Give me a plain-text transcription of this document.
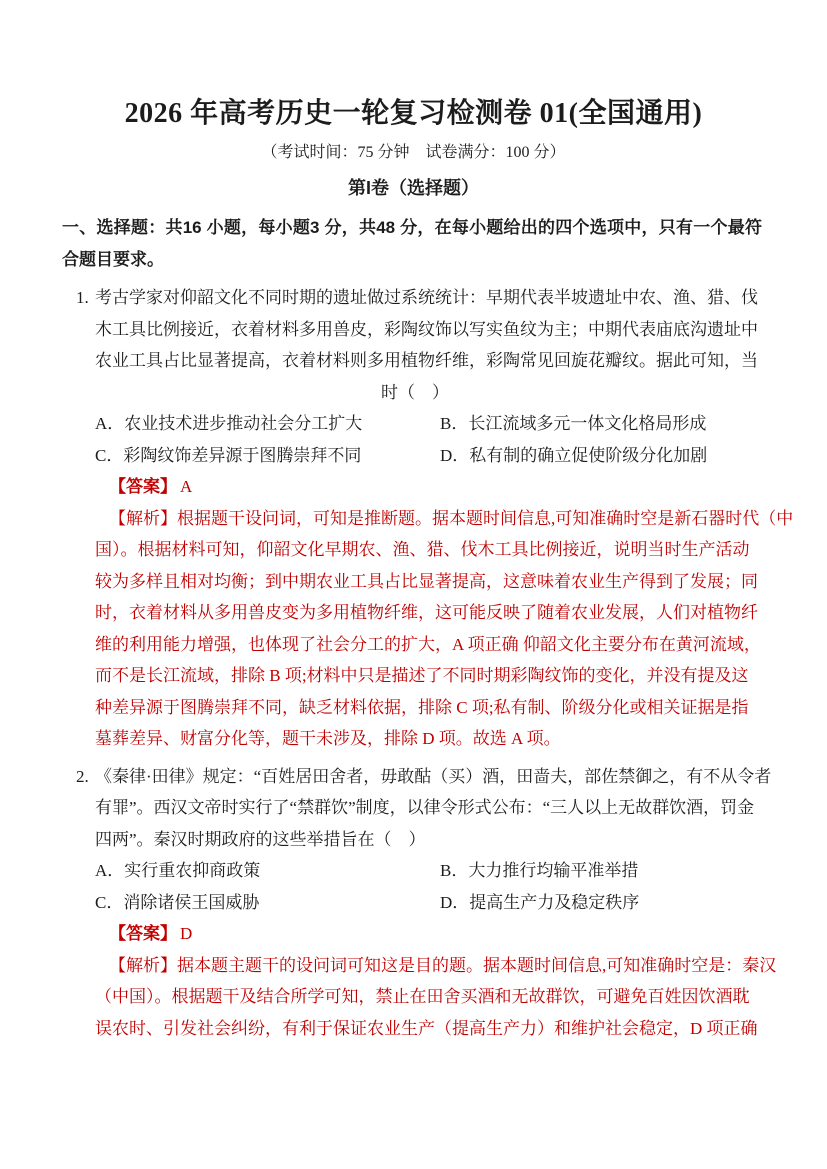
2026 年高考历史一轮复习检测卷 01(全国通用)
（考试时间：75 分钟　试卷满分：100 分）
第I卷（选择题）
一、选择题：共16 小题，每小题3 分，共48 分，在每小题给出的四个选项中，只有一个最符合题目要求。
1. 考古学家对仰韶文化不同时期的遗址做过系统统计：早期代表半坡遗址中农、渔、猎、伐
木工具比例接近，衣着材料多用兽皮，彩陶纹饰以写实鱼纹为主；中期代表庙底沟遗址中
农业工具占比显著提高，衣着材料则多用植物纤维，彩陶常见回旋花瓣纹。据此可知，当
时（　）
A．农业技术进步推动社会分工扩大	B．长江流域多元一体文化格局形成
C．彩陶纹饰差异源于图腾崇拜不同	D．私有制的确立促使阶级分化加剧
【答案】 A
【解析】根据题干设问词，可知是推断题。据本题时间信息,可知准确时空是新石器时代（中
国）。根据材料可知，仰韶文化早期农、渔、猎、伐木工具比例接近，说明当时生产活动
较为多样且相对均衡；到中期农业工具占比显著提高，这意味着农业生产得到了发展；同
时，衣着材料从多用兽皮变为多用植物纤维，这可能反映了随着农业发展，人们对植物纤
维的利用能力增强，也体现了社会分工的扩大，A 项正确 仰韶文化主要分布在黄河流域，
而不是长江流域，排除 B 项;材料中只是描述了不同时期彩陶纹饰的变化，并没有提及这
种差异源于图腾崇拜不同，缺乏材料依据，排除 C 项;私有制、阶级分化或相关证据是指
墓葬差异、财富分化等，题干未涉及，排除 D 项。故选 A 项。
2. 《秦律·田律》规定：“百姓居田舍者，毋敢酤（买）酒，田啬夫，部佐禁御之，有不从令者
有罪”。西汉文帝时实行了“禁群饮”制度，以律令形式公布：“三人以上无故群饮酒，罚金
四两”。秦汉时期政府的这些举措旨在（　）
A．实行重农抑商政策	B．大力推行均输平准举措
C．消除诸侯王国威胁	D．提高生产力及稳定秩序
【答案】 D
【解析】据本题主题干的设问词可知这是目的题。据本题时间信息,可知准确时空是：秦汉
（中国）。根据题干及结合所学可知，禁止在田舍买酒和无故群饮，可避免百姓因饮酒耽
误农时、引发社会纠纷，有利于保证农业生产（提高生产力）和维护社会稳定，D 项正确
